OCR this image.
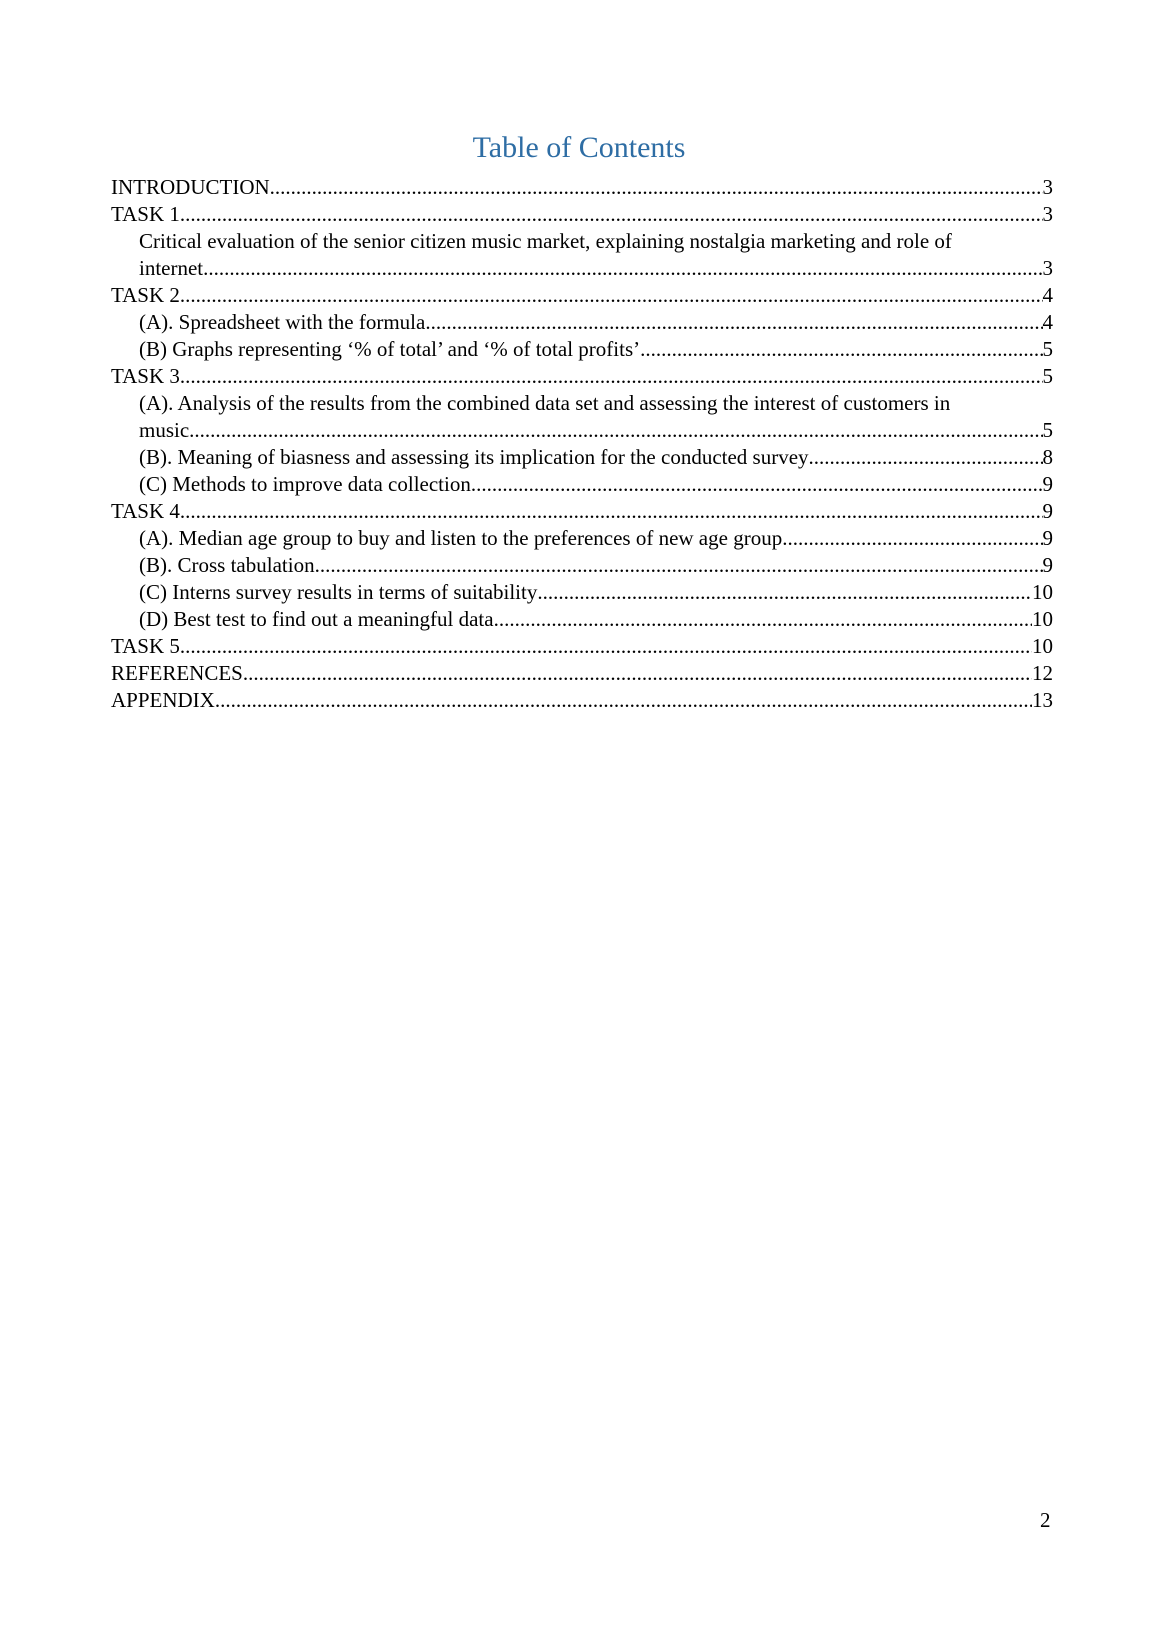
Table of Contents
INTRODUCTION .....	3
TASK 1 .....	3
Critical evaluation of the senior citizen music market, explaining nostalgia marketing and role of
internet .....	3
TASK 2 .....	4
(A). Spreadsheet with the formula .....	4
(B) Graphs representing ‘% of total’ and ‘% of total profits’ .....	5
TASK 3 .....	5
(A). Analysis of the results from the combined data set and assessing the interest of customers in
music .....	5
(B). Meaning of biasness and assessing its implication for the conducted survey .....	8
(C) Methods to improve data collection .....	9
TASK 4 .....	9
(A). Median age group to buy and listen to the preferences of new age group .....	9
(B). Cross tabulation .....	9
(C) Interns survey results in terms of suitability .....	10
(D) Best test to find out a meaningful data .....	10
TASK 5 .....	10
REFERENCES .....	12
APPENDIX .....	13
2
